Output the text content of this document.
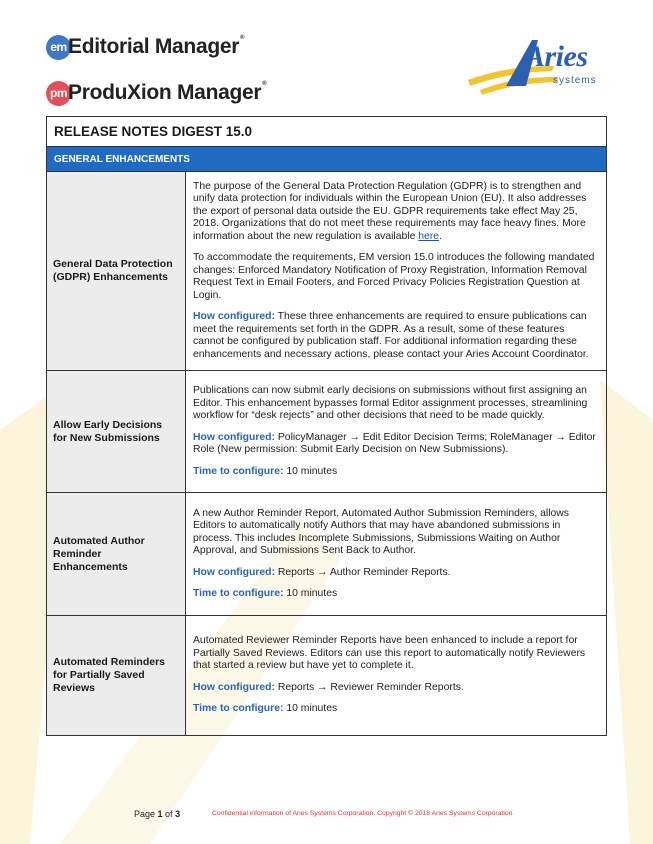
em Editorial Manager®
pm ProduXion Manager®
Aries
systems
RELEASE NOTES DIGEST 15.0	
GENERAL ENHANCEMENTS	
General Data Protection (GDPR) Enhancements	The purpose of the General Data Protection Regulation (GDPR) is to strengthen and unify data protection for individuals within the European Union (EU). It also addresses the export of personal data outside the EU. GDPR requirements take effect May 25, 2018. Organizations that do not meet these requirements may face heavy fines. More information about the new regulation is available here.

To accommodate the requirements, EM version 15.0 introduces the following mandated changes: Enforced Mandatory Notification of Proxy Registration, Information Removal Request Text in Email Footers, and Forced Privacy Policies Registration Question at Login.

How configured: These three enhancements are required to ensure publications can meet the requirements set forth in the GDPR. As a result, some of these features cannot be configured by publication staff. For additional information regarding these enhancements and necessary actions, please contact your Aries Account Coordinator.

Allow Early Decisions for New Submissions	Publications can now submit early decisions on submissions without first assigning an Editor. This enhancement bypasses formal Editor assignment processes, streamlining workflow for “desk rejects” and other decisions that need to be made quickly.

How configured: PolicyManager → Edit Editor Decision Terms; RoleManager → Editor Role (New permission: Submit Early Decision on New Submissions).

Time to configure: 10 minutes

Automated Author Reminder Enhancements	A new Author Reminder Report, Automated Author Submission Reminders, allows Editors to automatically notify Authors that may have abandoned submissions in process. This includes Incomplete Submissions, Submissions Waiting on Author Approval, and Submissions Sent Back to Author.

How configured: Reports → Author Reminder Reports.

Time to configure: 10 minutes

Automated Reminders for Partially Saved Reviews	Automated Reviewer Reminder Reports have been enhanced to include a report for Partially Saved Reviews. Editors can use this report to automatically notify Reviewers that started a review but have yet to complete it.

How configured: Reports → Reviewer Reminder Reports.

Time to configure: 10 minutes

Page 1 of 3	Confidential information of Aries Systems Corporation. Copyright © 2018 Aries Systems Corporation.
